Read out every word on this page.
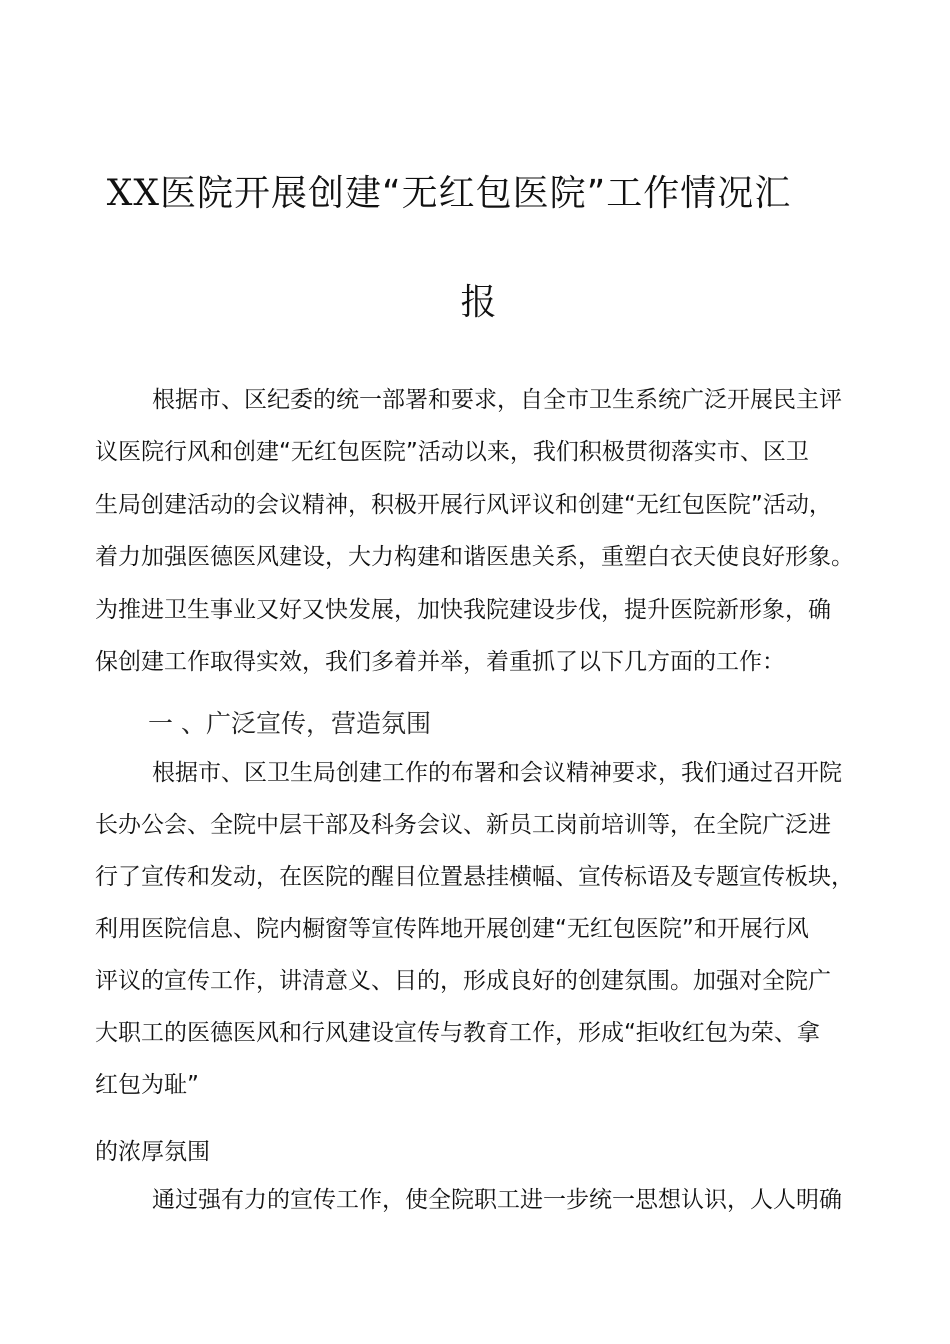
XX医院开展创建“无红包医院”工作情况汇
报
根据市、区纪委的统一部署和要求，自全市卫生系统广泛开展民主评
议医院行风和创建“无红包医院”活动以来，我们积极贯彻落实市、区卫
生局创建活动的会议精神，积极开展行风评议和创建“无红包医院”活动，
着力加强医德医风建设，大力构建和谐医患关系，重塑白衣天使良好形象。
为推进卫生事业又好又快发展，加快我院建设步伐，提升医院新形象，确
保创建工作取得实效，我们多着并举，着重抓了以下几方面的工作：
一 、广泛宣传，营造氛围
根据市、区卫生局创建工作的布署和会议精神要求，我们通过召开院
长办公会、全院中层干部及科务会议、新员工岗前培训等，在全院广泛进
行了宣传和发动，在医院的醒目位置悬挂横幅、宣传标语及专题宣传板块，
利用医院信息、院内橱窗等宣传阵地开展创建“无红包医院”和开展行风
评议的宣传工作，讲清意义、目的，形成良好的创建氛围。加强对全院广
大职工的医德医风和行风建设宣传与教育工作，形成“拒收红包为荣、拿
红包为耻”
的浓厚氛围
通过强有力的宣传工作，使全院职工进一步统一思想认识，人人明确
